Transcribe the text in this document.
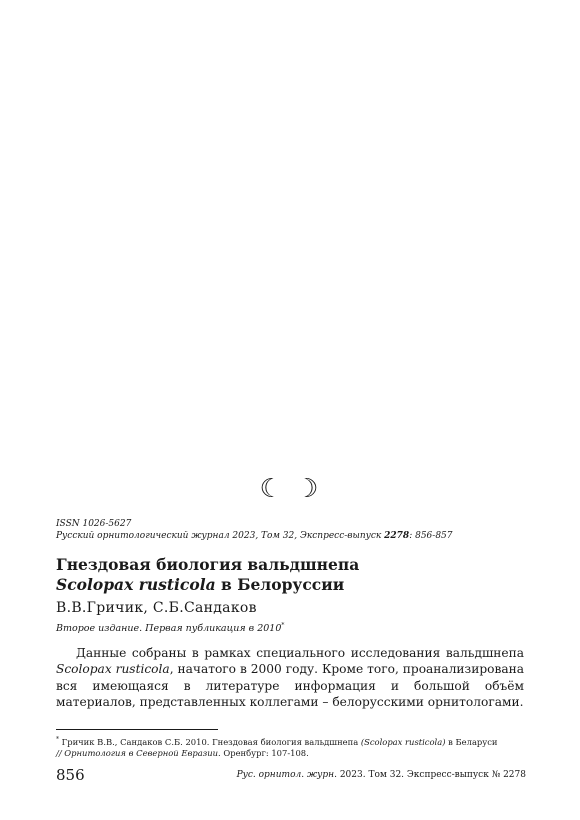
☾ ☽
ISSN 1026-5627
Русский орнитологический журнал 2023, Том 32, Экспресс-выпуск 2278: 856-857
Гнездовая биология вальдшнепа
Scolopax rusticola в Белоруссии
В.В.Гричик, С.Б.Сандаков
Второе издание. Первая публикация в 2010*
Данные собраны в рамках специального исследования вальдшнепа Scolopax rusticola, начатого в 2000 году. Кроме того, проанализирована вся имеющаяся в литературе информация и большой объём материалов, представленных коллегами – белорусскими орнитологами.
* Гричик В.В., Сандаков С.Б. 2010. Гнездовая биология вальдшнепа (Scolopax rusticola) в Беларуси
// Орнитология в Северной Евразии. Оренбург: 107-108.
856	Рус. орнитол. журн. 2023. Том 32. Экспресс-выпуск № 2278
